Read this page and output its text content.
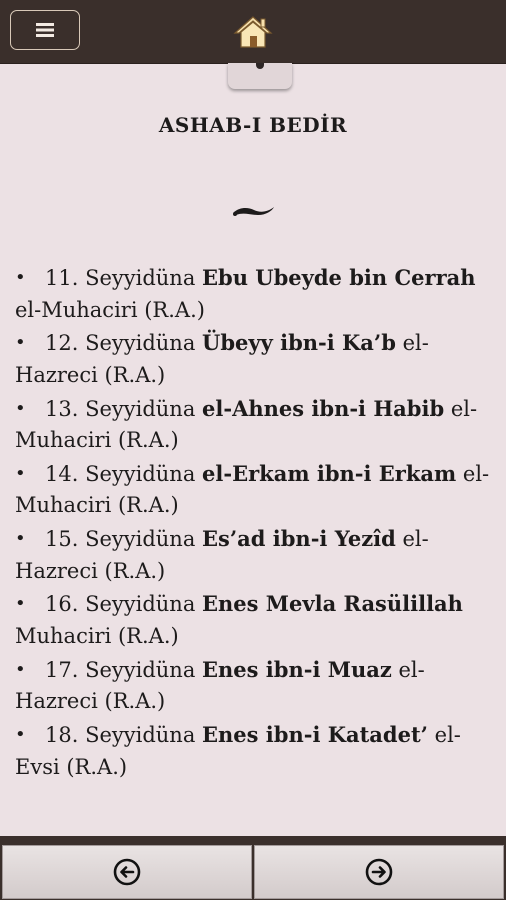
ASHAB-I BEDİR
• 11. Seyyidüna Ebu Ubeyde bin Cerrah el-Muhaciri (R.A.)
• 12. Seyyidüna Übeyy ibn-i Ka’b el-Hazreci (R.A.)
• 13. Seyyidüna el-Ahnes ibn-i Habib el-Muhaciri (R.A.)
• 14. Seyyidüna el-Erkam ibn-i Erkam el-Muhaciri (R.A.)
• 15. Seyyidüna Es’ad ibn-i Yezîd el-Hazreci (R.A.)
• 16. Seyyidüna Enes Mevla Rasülillah Muhaciri (R.A.)
• 17. Seyyidüna Enes ibn-i Muaz el-Hazreci (R.A.)
• 18. Seyyidüna Enes ibn-i Katadet’ el-Evsi (R.A.)
